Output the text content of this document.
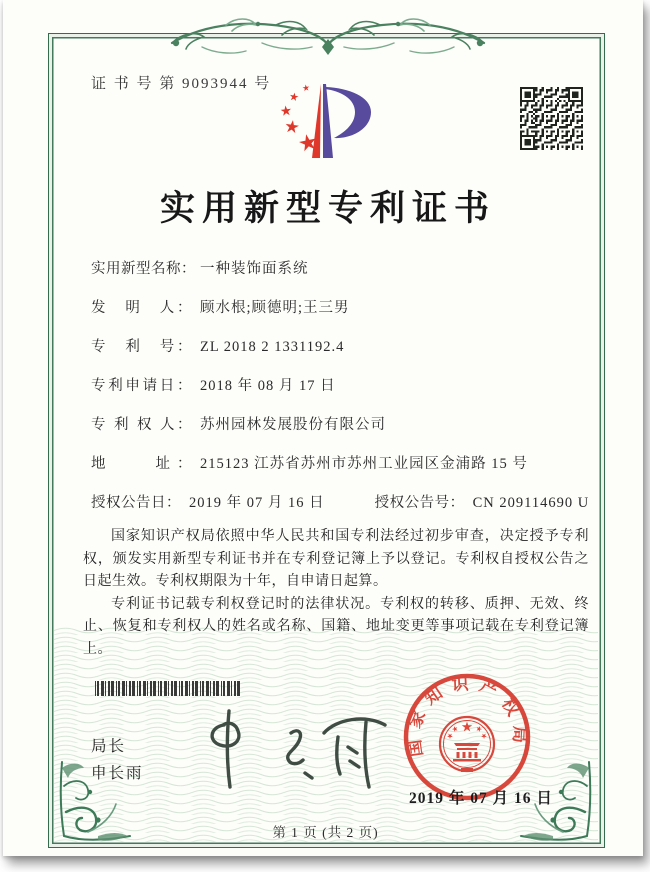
证 书 号 第 9093944 号
实用新型专利证书
实用新型名称： 一种装饰面系统
发　明　人： 顾水根;顾德明;王三男
专　利　号： ZL 2018 2 1331192.4
专利申请日： 2018 年 08 月 17 日
专 利 权 人： 苏州园林发展股份有限公司
地　　址： 215123 江苏省苏州市苏州工业园区金浦路 15 号
授权公告日： 2019 年 07 月 16 日	授权公告号： CN 209114690 U

国家知识产权局依照中华人民共和国专利法经过初步审查，决定授予专利权，颁发实用新型专利证书并在专利登记簿上予以登记。专利权自授权公告之日起生效。专利权期限为十年，自申请日起算。

专利证书记载专利权登记时的法律状况。专利权的转移、质押、无效、终止、恢复和专利权人的姓名或名称、国籍、地址变更等事项记载在专利登记簿上。

局长
申长雨
国家知识产权局
2019 年 07 月 16 日
第 1 页 (共 2 页)
